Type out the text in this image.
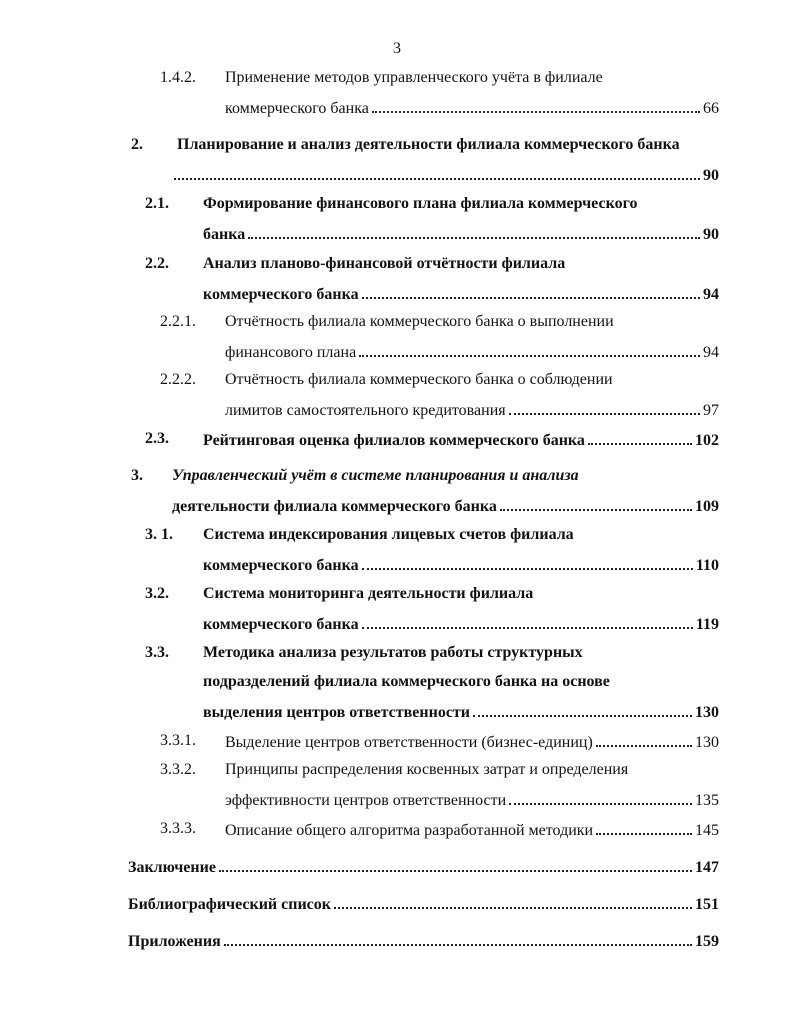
3
1.4.2. Применение методов управленческого учёта в филиале
коммерческого банка	66
2. Планирование и анализ деятельности филиала коммерческого банка
90
2.1. Формирование финансового плана филиала коммерческого
банка	90
2.2. Анализ планово-финансовой отчётности филиала
коммерческого банка	94
2.2.1. Отчётность филиала коммерческого банка о выполнении
финансового плана	94
2.2.2. Отчётность филиала коммерческого банка о соблюдении
лимитов самостоятельного кредитования	97
2.3. Рейтинговая оценка филиалов коммерческого банка	102
3. Управленческий учёт в системе планирования и анализа
деятельности филиала коммерческого банка	109
3. 1. Система индексирования лицевых счетов филиала
коммерческого банка	110
3.2. Система мониторинга деятельности филиала
коммерческого банка	119
3.3. Методика анализа результатов работы структурных
подразделений филиала коммерческого банка на основе
выделения центров ответственности	130
3.3.1. Выделение центров ответственности (бизнес-единиц)	130
3.3.2. Принципы распределения косвенных затрат и определения
эффективности центров ответственности	135
3.3.3. Описание общего алгоритма разработанной методики	145
Заключение	147
Библиографический список	151
Приложения	159
